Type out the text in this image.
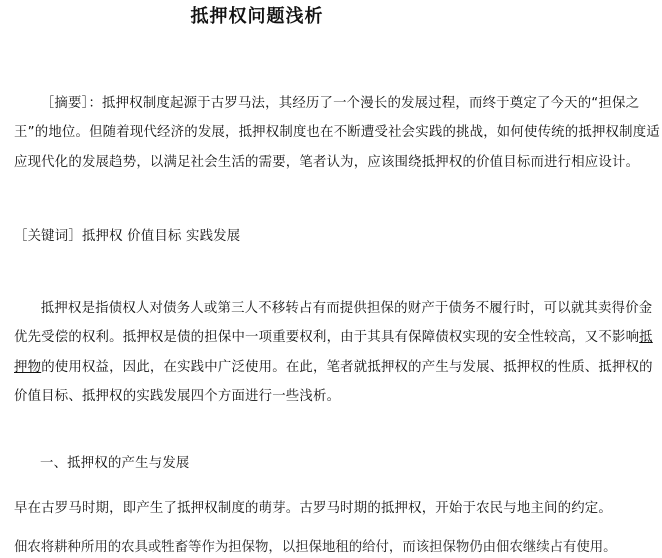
抵押权问题浅析

［摘要］：抵押权制度起源于古罗马法，其经历了一个漫长的发展过程，而终于奠定了今天的“担保之王”的地位。但随着现代经济的发展，抵押权制度也在不断遭受社会实践的挑战，如何使传统的抵押权制度适应现代化的发展趋势，以满足社会生活的需要，笔者认为，应该围绕抵押权的价值目标而进行相应设计。

［关键词］抵押权 价值目标 实践发展

抵押权是指债权人对债务人或第三人不移转占有而提供担保的财产于债务不履行时，可以就其卖得价金优先受偿的权利。抵押权是债的担保中一项重要权利，由于其具有保障债权实现的安全性较高，又不影响抵押物的使用权益，因此，在实践中广泛使用。在此，笔者就抵押权的产生与发展、抵押权的性质、抵押权的价值目标、抵押权的实践发展四个方面进行一些浅析。

一、抵押权的产生与发展

早在古罗马时期，即产生了抵押权制度的萌芽。古罗马时期的抵押权，开始于农民与地主间的约定。

佃农将耕种所用的农具或牲畜等作为担保物，以担保地租的给付，而该担保物仍由佃农继续占有使用。
